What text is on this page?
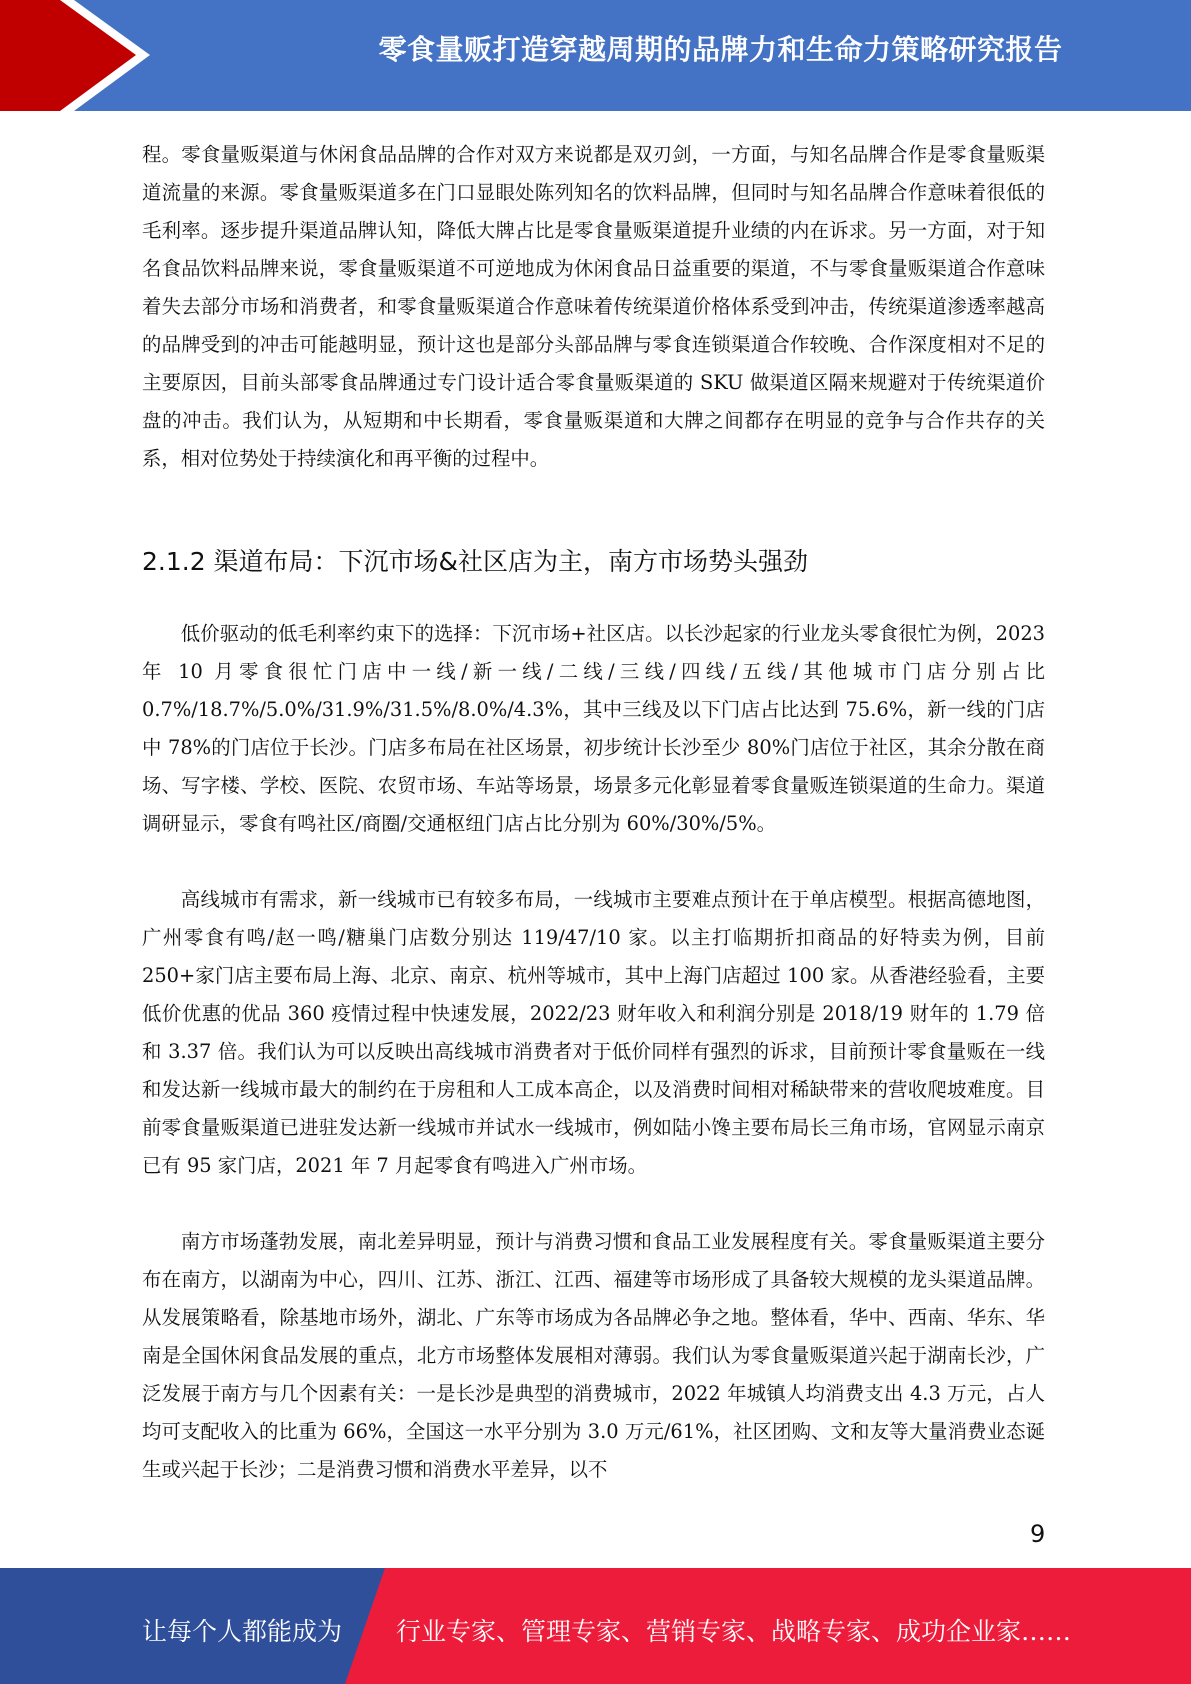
零食量贩打造穿越周期的品牌力和生命力策略研究报告

程。零食量贩渠道与休闲食品品牌的合作对双方来说都是双刃剑，一方面，与知名品牌合作是零食量贩渠道流量的来源。零食量贩渠道多在门口显眼处陈列知名的饮料品牌，但同时与知名品牌合作意味着很低的毛利率。逐步提升渠道品牌认知，降低大牌占比是零食量贩渠道提升业绩的内在诉求。另一方面，对于知名食品饮料品牌来说，零食量贩渠道不可逆地成为休闲食品日益重要的渠道，不与零食量贩渠道合作意味着失去部分市场和消费者，和零食量贩渠道合作意味着传统渠道价格体系受到冲击，传统渠道渗透率越高的品牌受到的冲击可能越明显，预计这也是部分头部品牌与零食连锁渠道合作较晚、合作深度相对不足的主要原因，目前头部零食品牌通过专门设计适合零食量贩渠道的 SKU 做渠道区隔来规避对于传统渠道价盘的冲击。我们认为，从短期和中长期看，零食量贩渠道和大牌之间都存在明显的竞争与合作共存的关系，相对位势处于持续演化和再平衡的过程中。

2.1.2 渠道布局：下沉市场&社区店为主，南方市场势头强劲

低价驱动的低毛利率约束下的选择：下沉市场+社区店。以长沙起家的行业龙头零食很忙为例，2023 年 10 月零食很忙门店中一线/新一线/二线/三线/四线/五线/其他城市门店分别占比 0.7%/18.7%/5.0%/31.9%/31.5%/8.0%/4.3%，其中三线及以下门店占比达到 75.6%，新一线的门店中 78%的门店位于长沙。门店多布局在社区场景，初步统计长沙至少 80%门店位于社区，其余分散在商场、写字楼、学校、医院、农贸市场、车站等场景，场景多元化彰显着零食量贩连锁渠道的生命力。渠道调研显示，零食有鸣社区/商圈/交通枢纽门店占比分别为 60%/30%/5%。

高线城市有需求，新一线城市已有较多布局，一线城市主要难点预计在于单店模型。根据高德地图，广州零食有鸣/赵一鸣/糖巢门店数分别达 119/47/10 家。以主打临期折扣商品的好特卖为例，目前 250+家门店主要布局上海、北京、南京、杭州等城市，其中上海门店超过 100 家。从香港经验看，主要低价优惠的优品 360 疫情过程中快速发展，2022/23 财年收入和利润分别是 2018/19 财年的 1.79 倍和 3.37 倍。我们认为可以反映出高线城市消费者对于低价同样有强烈的诉求，目前预计零食量贩在一线和发达新一线城市最大的制约在于房租和人工成本高企，以及消费时间相对稀缺带来的营收爬坡难度。目前零食量贩渠道已进驻发达新一线城市并试水一线城市，例如陆小馋主要布局长三角市场，官网显示南京已有 95 家门店，2021 年 7 月起零食有鸣进入广州市场。

南方市场蓬勃发展，南北差异明显，预计与消费习惯和食品工业发展程度有关。零食量贩渠道主要分布在南方，以湖南为中心，四川、江苏、浙江、江西、福建等市场形成了具备较大规模的龙头渠道品牌。从发展策略看，除基地市场外，湖北、广东等市场成为各品牌必争之地。整体看，华中、西南、华东、华南是全国休闲食品发展的重点，北方市场整体发展相对薄弱。我们认为零食量贩渠道兴起于湖南长沙，广泛发展于南方与几个因素有关：一是长沙是典型的消费城市，2022 年城镇人均消费支出 4.3 万元，占人均可支配收入的比重为 66%，全国这一水平分别为 3.0 万元/61%，社区团购、文和友等大量消费业态诞生或兴起于长沙；二是消费习惯和消费水平差异，以不

9
让每个人都能成为 行业专家、管理专家、营销专家、战略专家、成功企业家……
